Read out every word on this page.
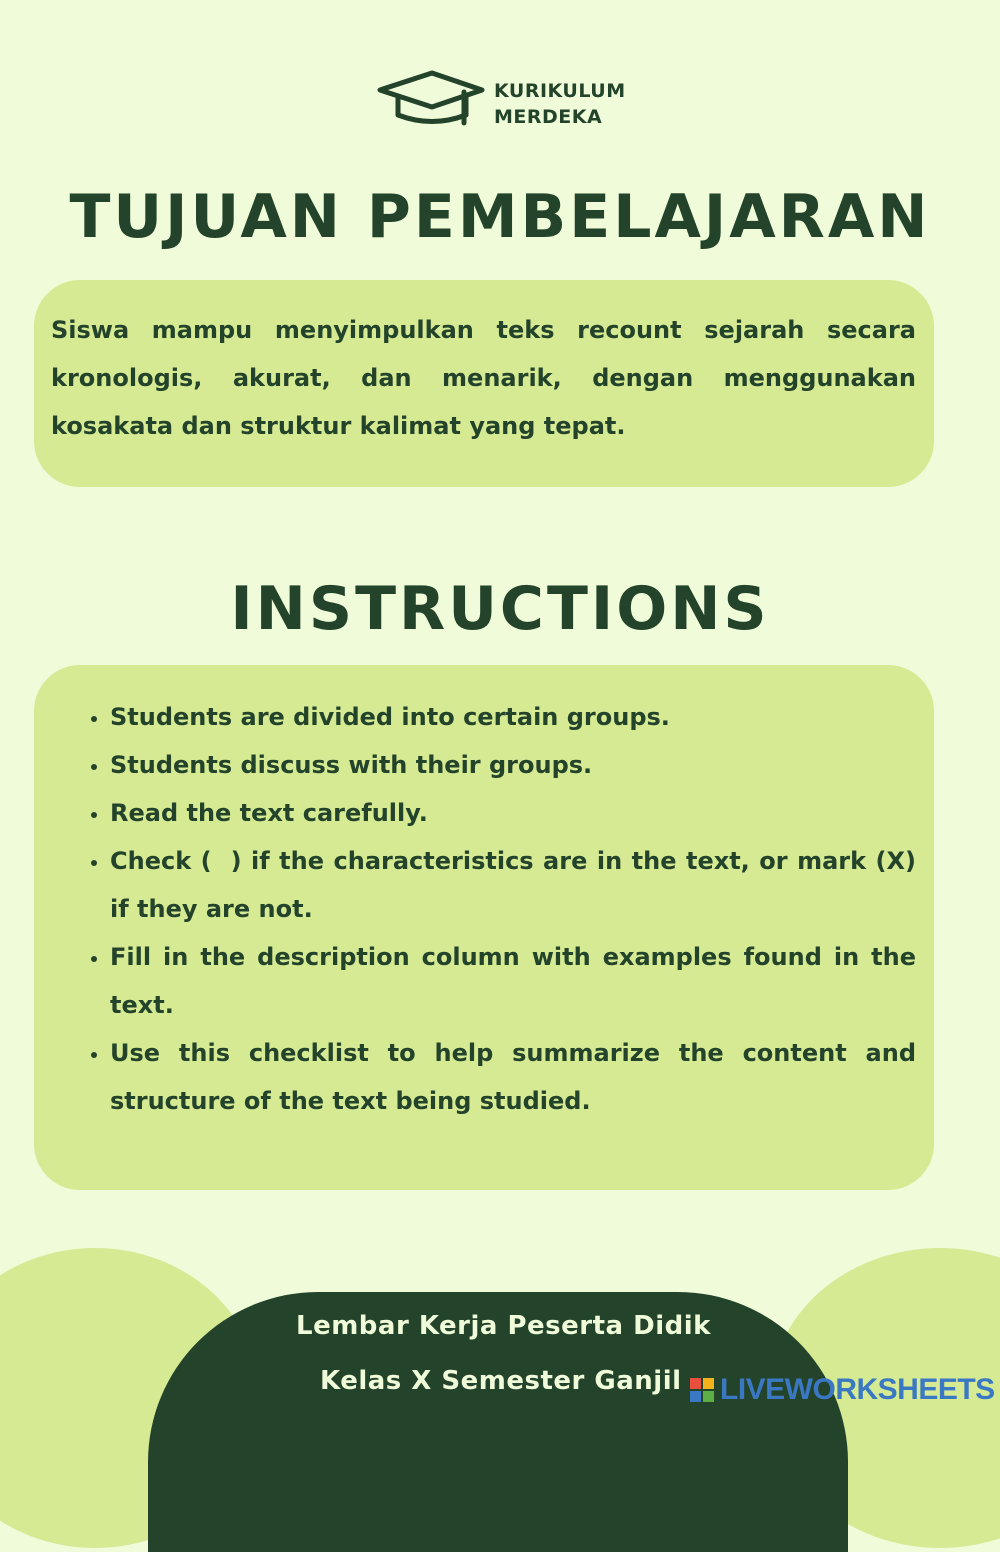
KURIKULUM
MERDEKA
TUJUAN PEMBELAJARAN

Siswa mampu menyimpulkan teks recount sejarah secara kronologis, akurat, dan menarik, dengan menggunakan kosakata dan struktur kalimat yang tepat.

INSTRUCTIONS
• Students are divided into certain groups.
• Students discuss with their groups.
• Read the text carefully.
• Check (  ) if the characteristics are in the text, or mark (X) if they are not.
• Fill in the description column with examples found in the text.
• Use this checklist to help summarize the content and structure of the text being studied.
Lembar Kerja Peserta Didik
Kelas X Semester Ganjil LIVEWORKSHEETS
